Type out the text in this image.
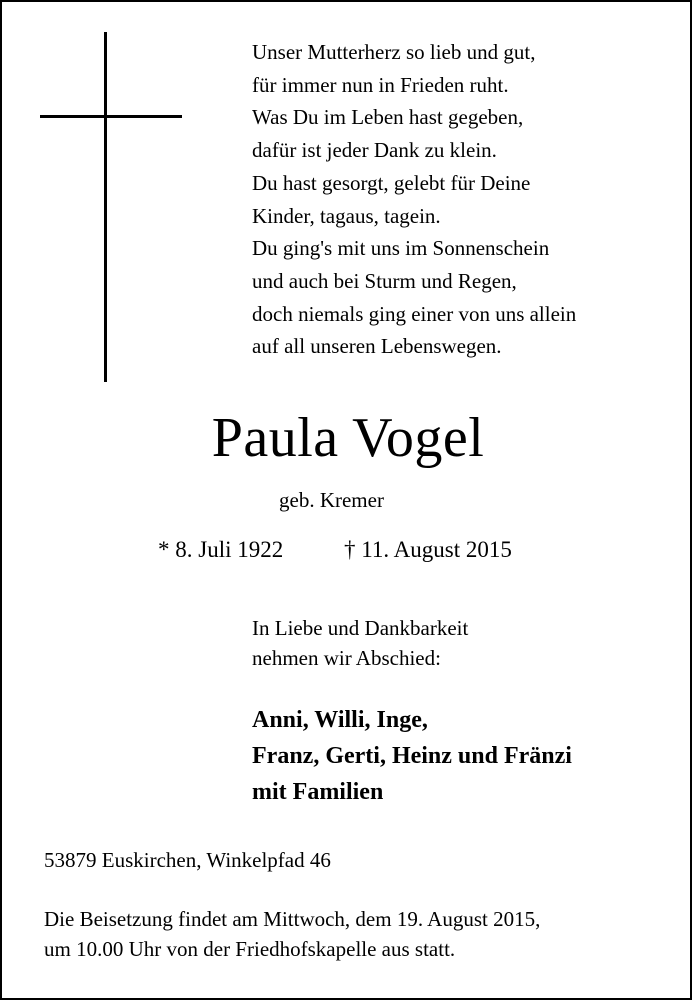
Unser Mutterherz so lieb und gut,
für immer nun in Frieden ruht.
Was Du im Leben hast gegeben,
dafür ist jeder Dank zu klein.
Du hast gesorgt, gelebt für Deine
Kinder, tagaus, tagein.
Du ging's mit uns im Sonnenschein
und auch bei Sturm und Regen,
doch niemals ging einer von uns allein
auf all unseren Lebenswegen.
Paula Vogel
geb. Kremer
* 8. Juli 1922	† 11. August 2015
In Liebe und Dankbarkeit
nehmen wir Abschied:
Anni, Willi, Inge,
Franz, Gerti, Heinz und Fränzi
mit Familien
53879 Euskirchen, Winkelpfad 46
Die Beisetzung findet am Mittwoch, dem 19. August 2015,
um 10.00 Uhr von der Friedhofskapelle aus statt.
